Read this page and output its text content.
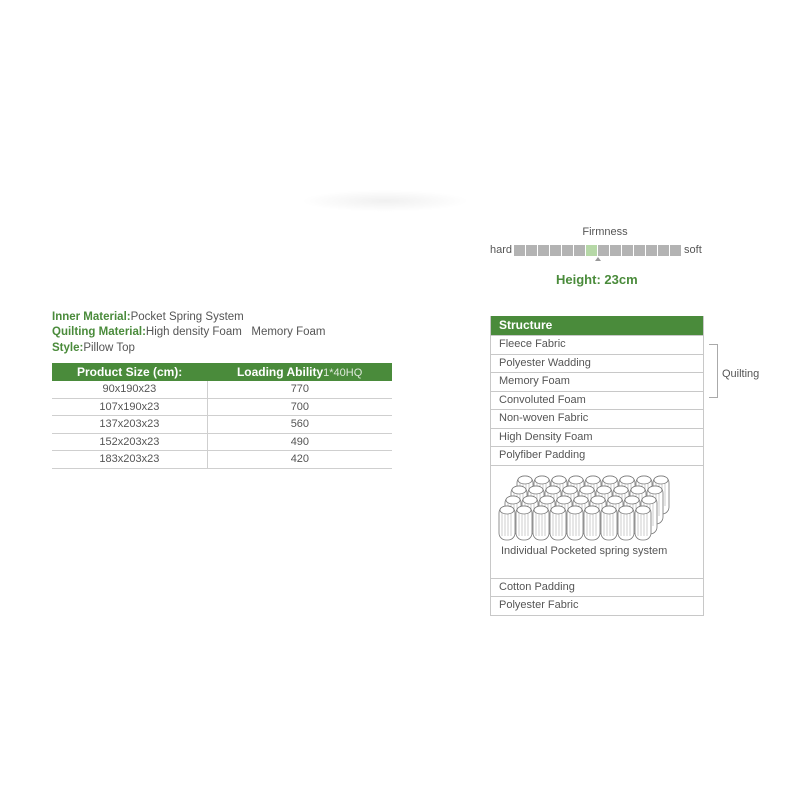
Firmness
hard	soft
Height: 23cm
Inner Material:Pocket Spring System
Quilting Material:High density Foam   Memory Foam
Style:Pillow Top
Product Size (cm):	Loading Ability1*40HQ
90x190x23	770
107x190x23	700
137x203x23	560
152x203x23	490
183x203x23	420
Structure
Fleece Fabric
Polyester Wadding
Memory Foam
Convoluted Foam
Non-woven Fabric
High Density Foam
Polyfiber Padding
Individual Pocketed spring system
Cotton Padding
Polyester Fabric
Quilting
